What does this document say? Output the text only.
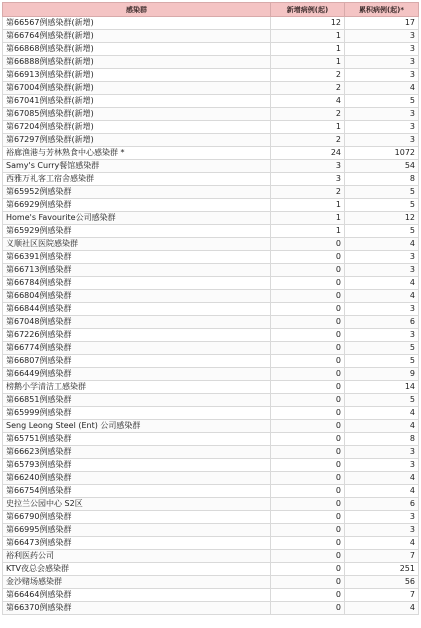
感染群	新增病例(起)	累积病例(起)*
第66567例感染群(新增)	12	17
第66764例感染群(新增)	1	3
第66868例感染群(新增)	1	3
第66888例感染群(新增)	1	3
第66913例感染群(新增)	2	3
第67004例感染群(新增)	2	4
第67041例感染群(新增)	4	5
第67085例感染群(新增)	2	3
第67204例感染群(新增)	1	3
第67297例感染群(新增)	2	3
裕廊渔港与芳林熟食中心感染群 *	24	1072
Samy's Curry餐馆感染群	3	54
西雅万礼客工宿舍感染群	3	8
第65952例感染群	2	5
第66929例感染群	1	5
Home's Favourite公司感染群	1	12
第65929例感染群	1	5
义顺社区医院感染群	0	4
第66391例感染群	0	3
第66713例感染群	0	3
第66784例感染群	0	4
第66804例感染群	0	4
第66844例感染群	0	3
第67048例感染群	0	6
第67226例感染群	0	3
第66774例感染群	0	5
第66807例感染群	0	5
第66449例感染群	0	9
榜鹅小学清洁工感染群	0	14
第66851例感染群	0	5
第65999例感染群	0	4
Seng Leong Steel (Ent) 公司感染群	0	4
第65751例感染群	0	8
第66623例感染群	0	3
第65793例感染群	0	3
第66240例感染群	0	4
第66754例感染群	0	4
史拉兰公园中心 S2区	0	6
第66790例感染群	0	3
第66995例感染群	0	3
第66473例感染群	0	4
裕利医药公司	0	7
KTV夜总会感染群	0	251
金沙赌场感染群	0	56
第66464例感染群	0	7
第66370例感染群	0	4
